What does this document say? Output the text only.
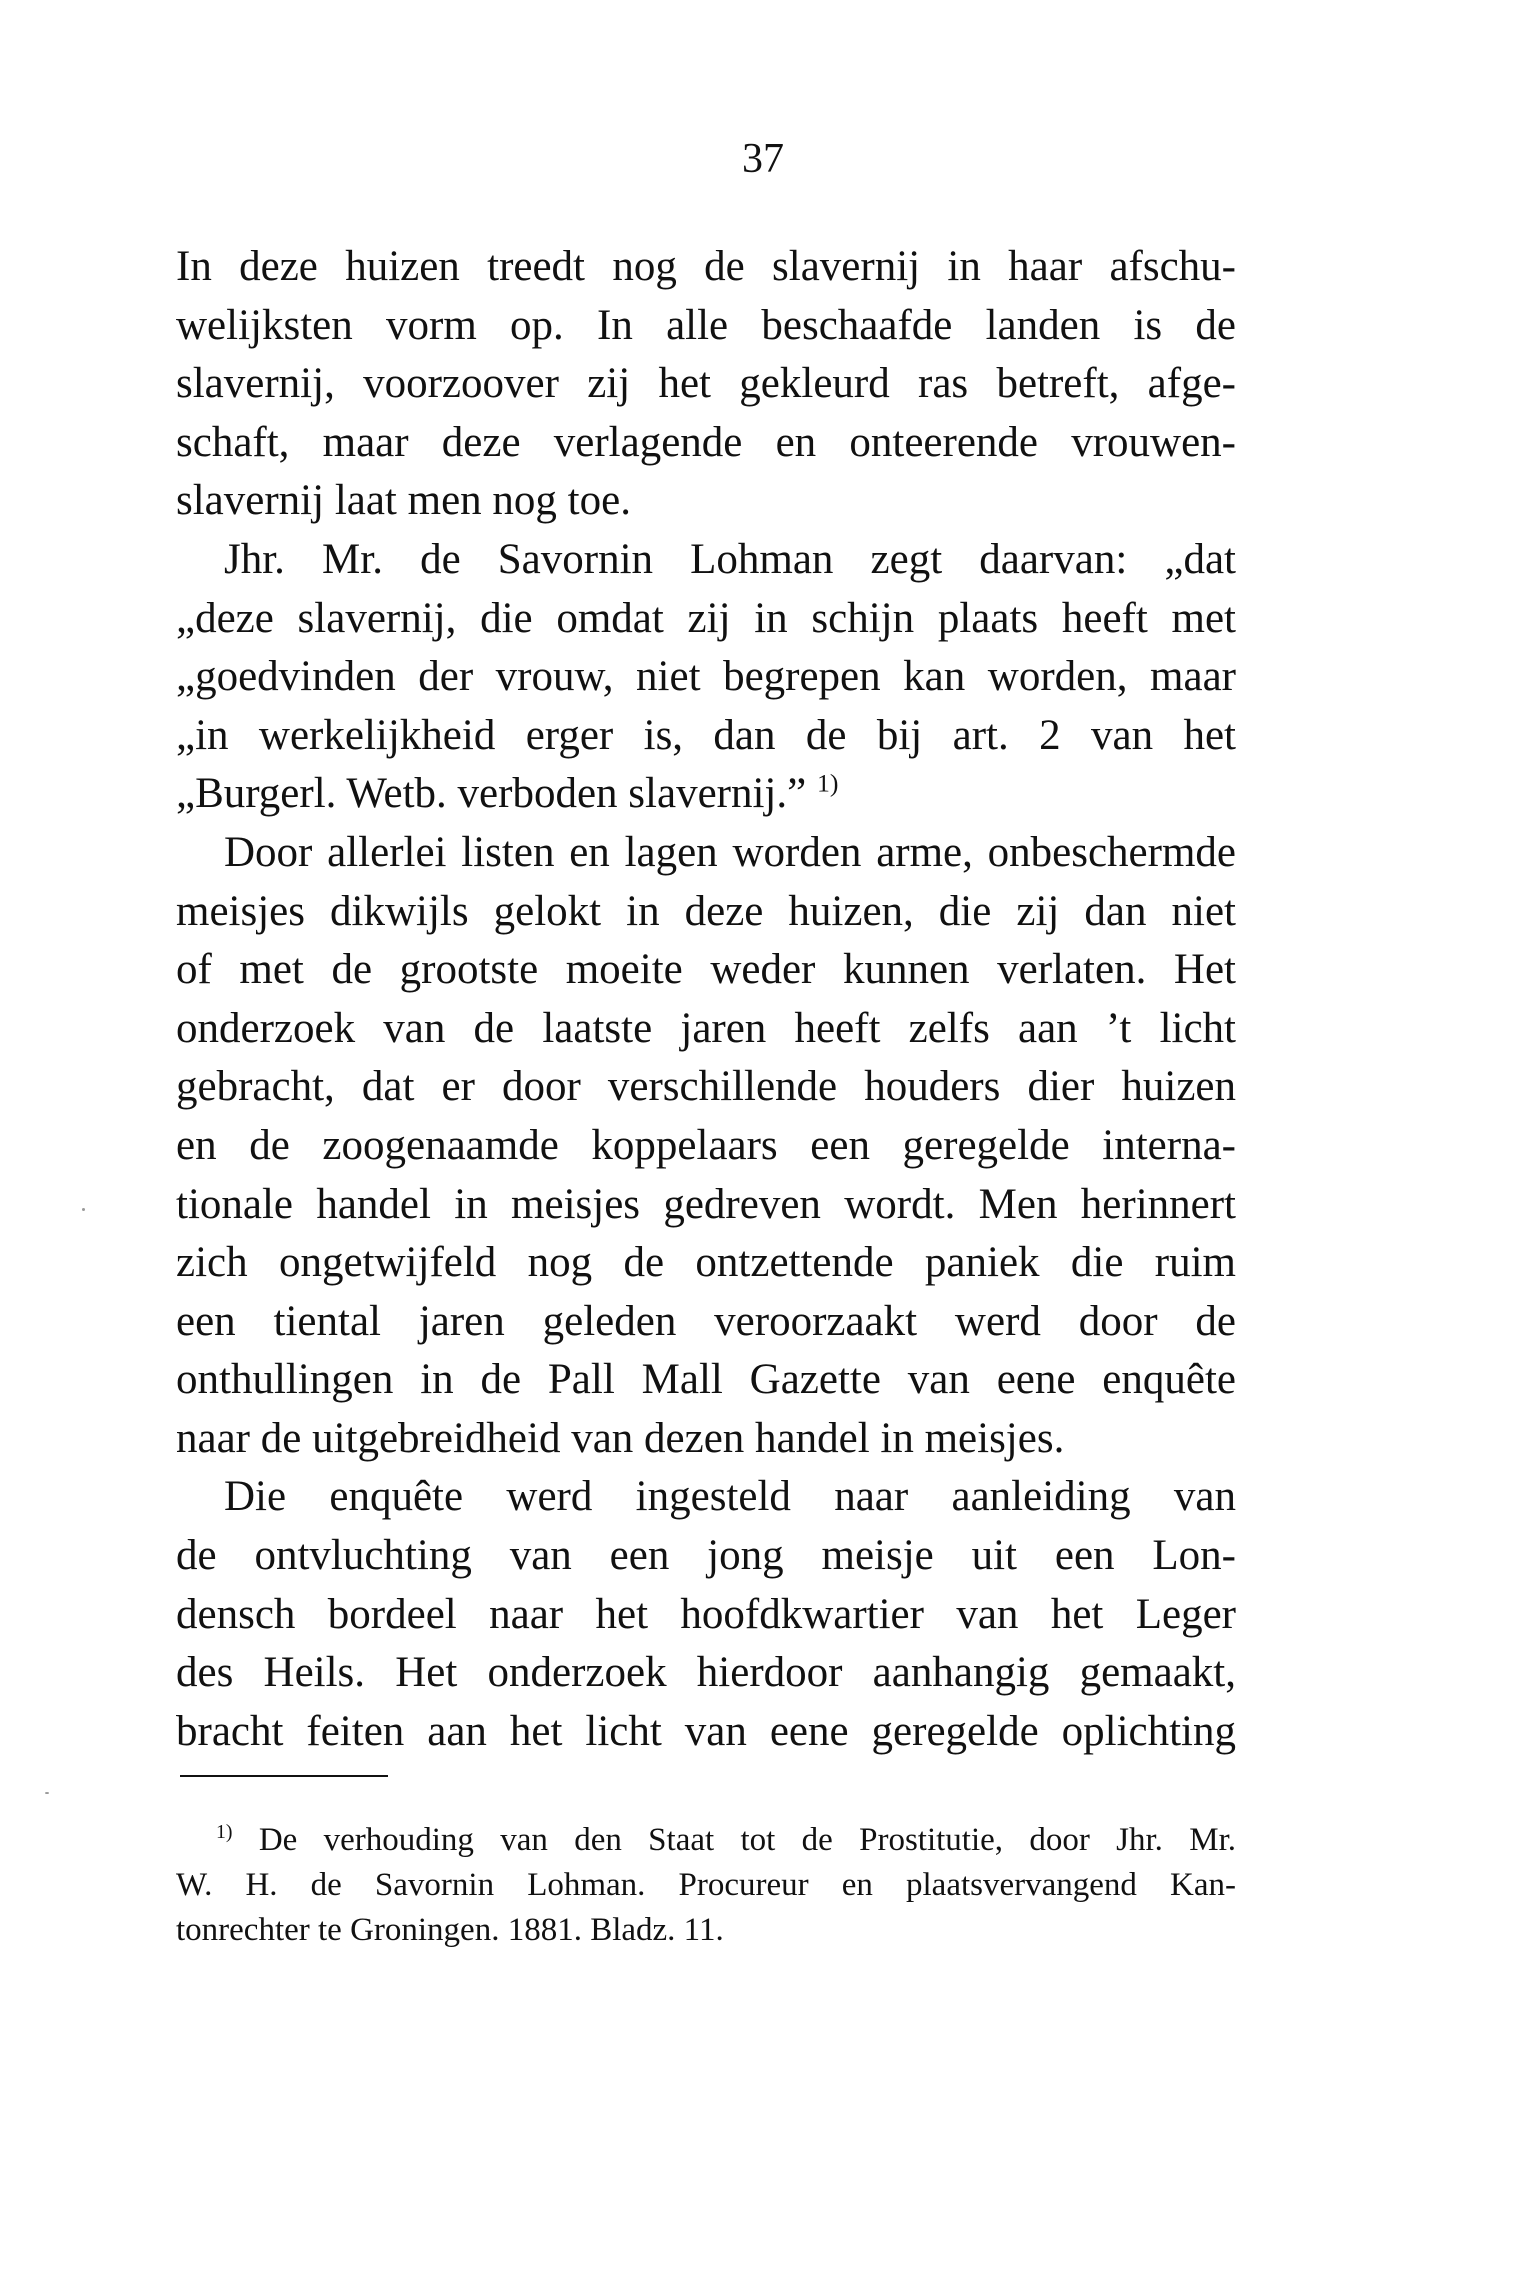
37
In deze huizen treedt nog de slavernij in haar afschu-
welijksten vorm op. In alle beschaafde landen is de
slavernij, voorzoover zij het gekleurd ras betreft, afge-
schaft, maar deze verlagende en onteerende vrouwen-
slavernij laat men nog toe.
Jhr. Mr. de Savornin Lohman zegt daarvan: „dat
„deze slavernij, die omdat zij in schijn plaats heeft met
„goedvinden der vrouw, niet begrepen kan worden, maar
„in werkelijkheid erger is, dan de bij art. 2 van het
„Burgerl. Wetb. verboden slavernij.” $^{1)}$
Door allerlei listen en lagen worden arme, onbeschermde
meisjes dikwijls gelokt in deze huizen, die zij dan niet
of met de grootste moeite weder kunnen verlaten. Het
onderzoek van de laatste jaren heeft zelfs aan ’t licht
gebracht, dat er door verschillende houders dier huizen
en de zoogenaamde koppelaars een geregelde interna-
tionale handel in meisjes gedreven wordt. Men herinnert
zich ongetwijfeld nog de ontzettende paniek die ruim
een tiental jaren geleden veroorzaakt werd door de
onthullingen in de Pall Mall Gazette van eene enquête
naar de uitgebreidheid van dezen handel in meisjes.
Die enquête werd ingesteld naar aanleiding van
de ontvluchting van een jong meisje uit een Lon-
densch bordeel naar het hoofdkwartier van het Leger
des Heils. Het onderzoek hierdoor aanhangig gemaakt,
bracht feiten aan het licht van eene geregelde oplichting
$^{1)}$ De verhouding van den Staat tot de Prostitutie, door Jhr. Mr.
W. H. de Savornin Lohman. Procureur en plaatsvervangend Kan-
tonrechter te Groningen. 1881. Bladz. 11.
